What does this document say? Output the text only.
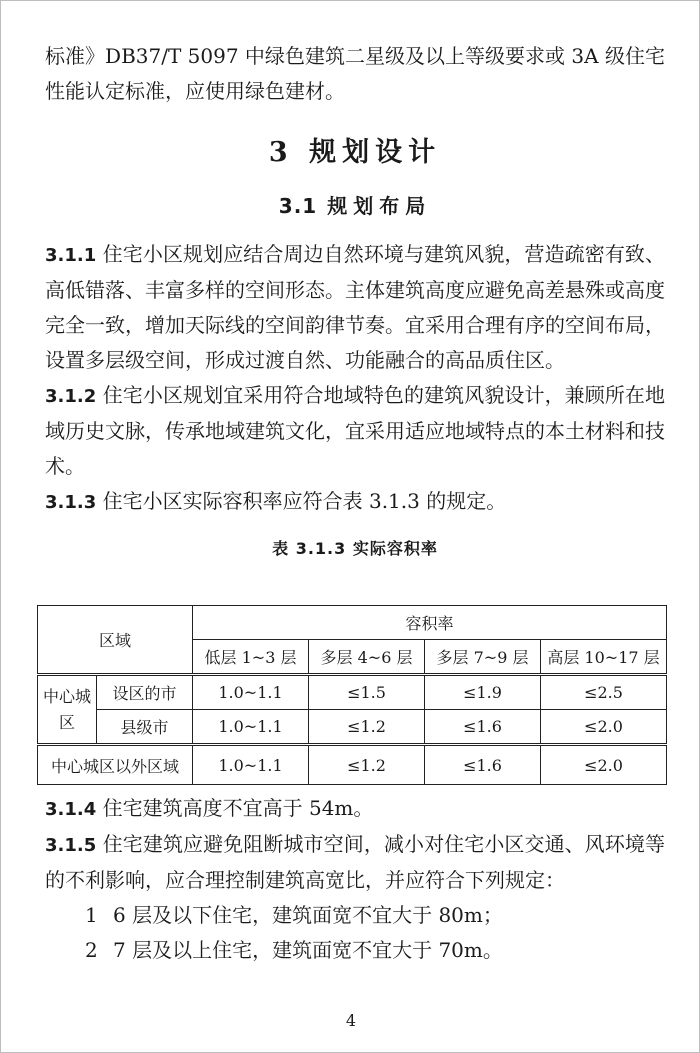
标准》DB37/T 5097 中绿色建筑二星级及以上等级要求或 3A 级住宅性能认定标准，应使用绿色建材。

3 规划设计
3.1 规划布局

3.1.1 住宅小区规划应结合周边自然环境与建筑风貌，营造疏密有致、高低错落、丰富多样的空间形态。主体建筑高度应避免高差悬殊或高度完全一致，增加天际线的空间韵律节奏。宜采用合理有序的空间布局，设置多层级空间，形成过渡自然、功能融合的高品质住区。

3.1.2 住宅小区规划宜采用符合地域特色的建筑风貌设计，兼顾所在地域历史文脉，传承地域建筑文化，宜采用适应地域特点的本土材料和技术。

3.1.3 住宅小区实际容积率应符合表 3.1.3 的规定。

表 3.1.3 实际容积率
区域		容积率			
		低层 1~3 层	多层 4~6 层	多层 7~9 层	高层 10~17 层
中心城区	设区的市	1.0~1.1	≤1.5	≤1.9	≤2.5
	县级市	1.0~1.1	≤1.2	≤1.6	≤2.0
中心城区以外区域		1.0~1.1	≤1.2	≤1.6	≤2.0

3.1.4 住宅建筑高度不宜高于 54m。

3.1.5 住宅建筑应避免阻断城市空间，减小对住宅小区交通、风环境等的不利影响，应合理控制建筑高宽比，并应符合下列规定：

1 6 层及以下住宅，建筑面宽不宜大于 80m；

2 7 层及以上住宅，建筑面宽不宜大于 70m。

4
